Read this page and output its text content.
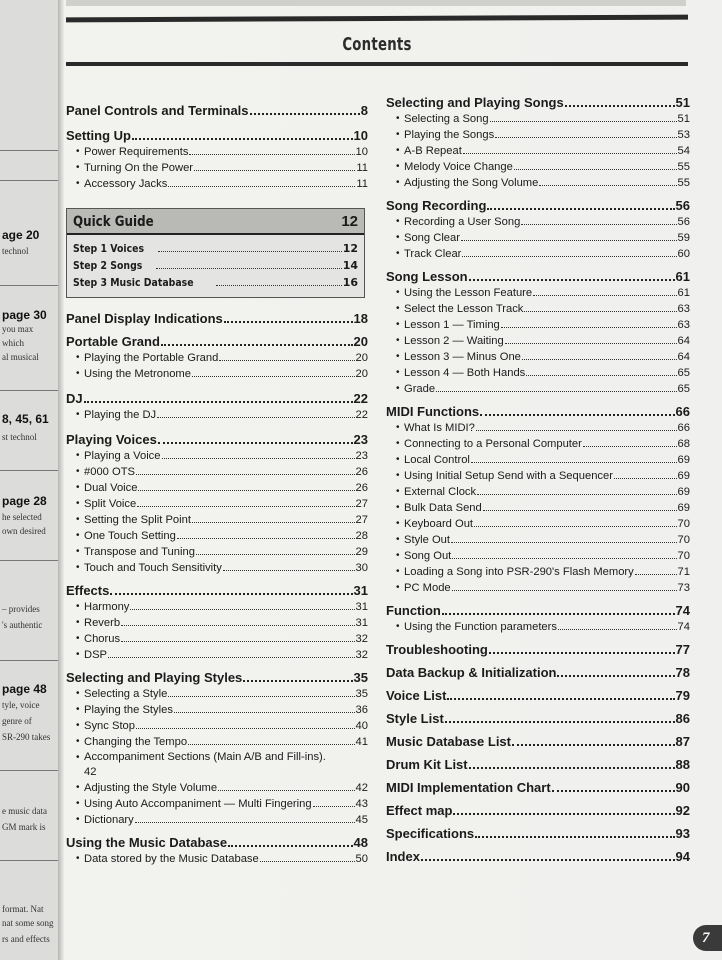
age 20
technol
page 30
you max
which
al musical
8, 45, 61
st technol
page 28
he selected
own desired
– provides
's authentic
page 48
tyle, voice
genre of
SR-290 takes
e music data
GM mark is
format. Nat
nat some song
rs and effects
Contents
Panel Controls and Terminals	8
Setting Up	10
• Power Requirements	10
• Turning On the Power	11
• Accessory Jacks	11
Quick Guide	12
Step 1 Voices	12
Step 2 Songs	14
Step 3 Music Database	16
Panel Display Indications	18
Portable Grand	20
• Playing the Portable Grand	20
• Using the Metronome	20
DJ	22
• Playing the DJ	22
Playing Voices	23
• Playing a Voice	23
• #000 OTS	26
• Dual Voice	26
• Split Voice	27
• Setting the Split Point	27
• One Touch Setting	28
• Transpose and Tuning	29
• Touch and Touch Sensitivity	30
Effects	31
• Harmony	31
• Reverb	31
• Chorus	32
• DSP	32
Selecting and Playing Styles	35
• Selecting a Style	35
• Playing the Styles	36
• Sync Stop	40
• Changing the Tempo	41
• Accompaniment Sections (Main A/B and Fill-ins).
42
• Adjusting the Style Volume	42
• Using Auto Accompaniment — Multi Fingering	43
• Dictionary	45
Using the Music Database	48
• Data stored by the Music Database	50
Selecting and Playing Songs	51
• Selecting a Song	51
• Playing the Songs	53
• A-B Repeat	54
• Melody Voice Change	55
• Adjusting the Song Volume	55
Song Recording	56
• Recording a User Song	56
• Song Clear	59
• Track Clear	60
Song Lesson	61
• Using the Lesson Feature	61
• Select the Lesson Track	63
• Lesson 1 — Timing	63
• Lesson 2 — Waiting	64
• Lesson 3 — Minus One	64
• Lesson 4 — Both Hands	65
• Grade	65
MIDI Functions	66
• What Is MIDI?	66
• Connecting to a Personal Computer	68
• Local Control	69
• Using Initial Setup Send with a Sequencer	69
• External Clock	69
• Bulk Data Send	69
• Keyboard Out	70
• Style Out	70
• Song Out	70
• Loading a Song into PSR-290's Flash Memory	71
• PC Mode	73
Function	74
• Using the Function parameters	74
Troubleshooting	77
Data Backup & Initialization	78
Voice List	79
Style List	86
Music Database List	87
Drum Kit List	88
MIDI Implementation Chart	90
Effect map	92
Specifications	93
Index	94
7
